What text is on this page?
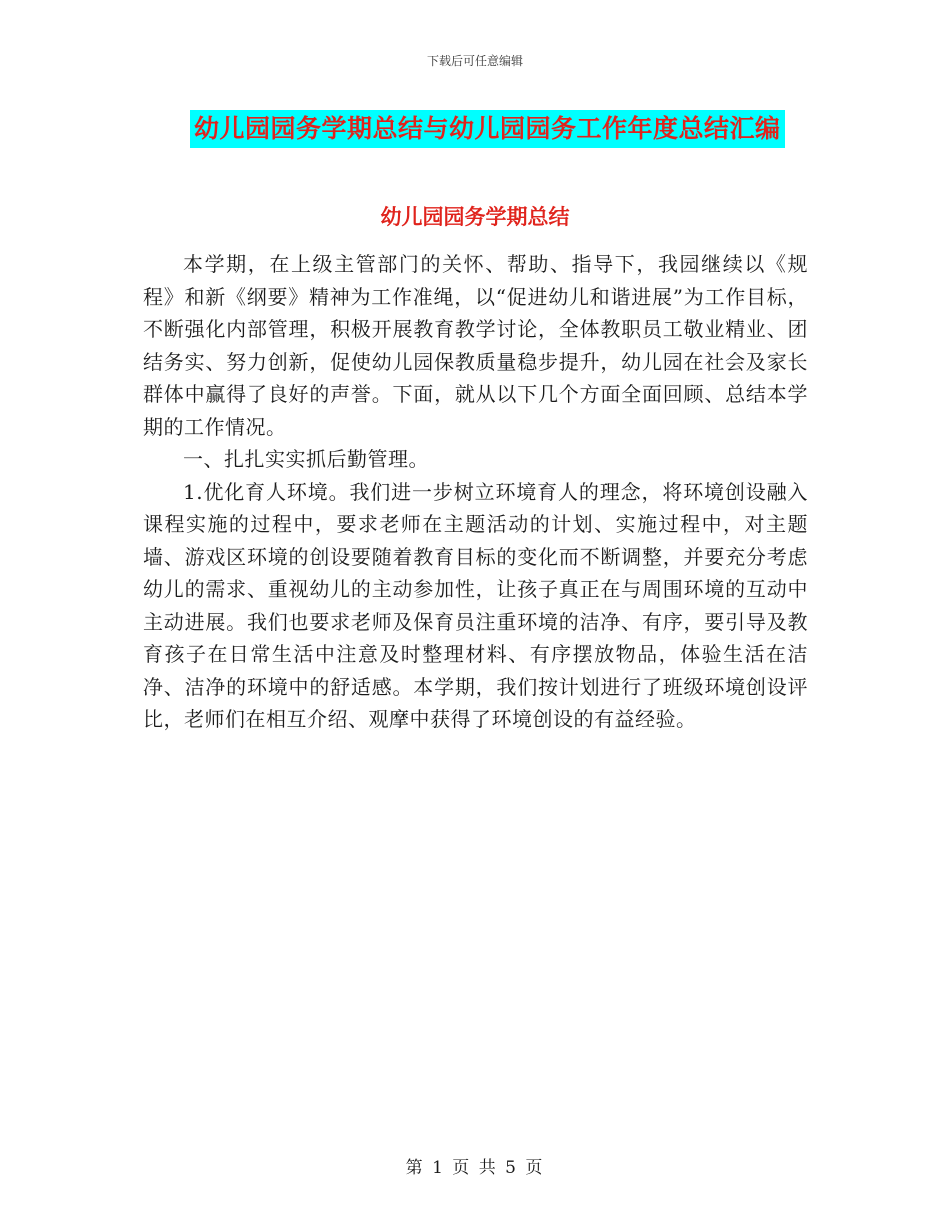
下载后可任意编辑
幼儿园园务学期总结与幼儿园园务工作年度总结汇编
幼儿园园务学期总结

本学期，在上级主管部门的关怀、帮助、指导下，我园继续以《规程》和新《纲要》精神为工作准绳，以“促进幼儿和谐进展”为工作目标，不断强化内部管理，积极开展教育教学讨论，全体教职员工敬业精业、团结务实、努力创新，促使幼儿园保教质量稳步提升，幼儿园在社会及家长群体中赢得了良好的声誉。下面，就从以下几个方面全面回顾、总结本学期的工作情况。

一、扎扎实实抓后勤管理。

1.优化育人环境。我们进一步树立环境育人的理念，将环境创设融入课程实施的过程中，要求老师在主题活动的计划、实施过程中，对主题墙、游戏区环境的创设要随着教育目标的变化而不断调整，并要充分考虑幼儿的需求、重视幼儿的主动参加性，让孩子真正在与周围环境的互动中主动进展。我们也要求老师及保育员注重环境的洁净、有序，要引导及教育孩子在日常生活中注意及时整理材料、有序摆放物品，体验生活在洁净、洁净的环境中的舒适感。本学期，我们按计划进行了班级环境创设评比，老师们在相互介绍、观摩中获得了环境创设的有益经验。

第 1 页 共 5 页
